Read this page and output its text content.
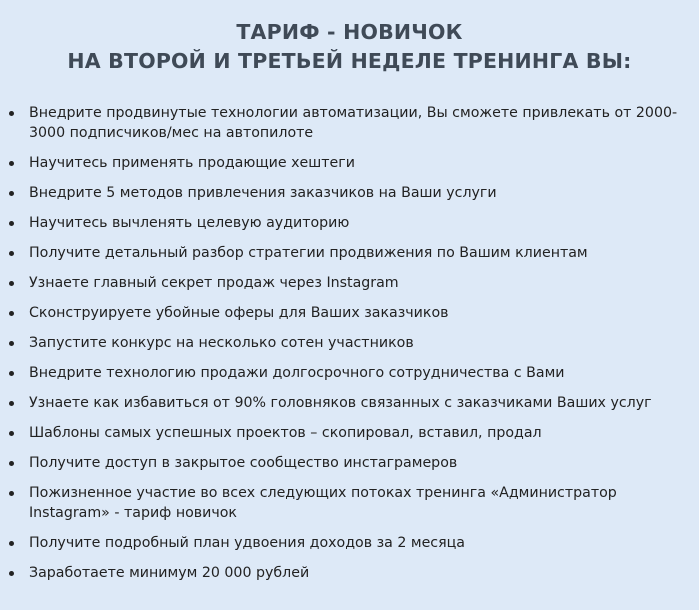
ТАРИФ - НОВИЧОК
НА ВТОРОЙ И ТРЕТЬЕЙ НЕДЕЛЕ ТРЕНИНГА ВЫ:
Внедрите продвинутые технологии автоматизации, Вы сможете привлекать от 2000-3000 подписчиков/мес на автопилоте
Научитесь применять продающие хештеги
Внедрите 5 методов привлечения заказчиков на Ваши услуги
Научитесь вычленять целевую аудиторию
Получите детальный разбор стратегии продвижения по Вашим клиентам
Узнаете главный секрет продаж через Instagram
Сконструируете убойные оферы для Ваших заказчиков
Запустите конкурс на несколько сотен участников
Внедрите технологию продажи долгосрочного сотрудничества с Вами
Узнаете как избавиться от 90% головняков связанных с заказчиками Ваших услуг
Шаблоны самых успешных проектов – скопировал, вставил, продал
Получите доступ в закрытое сообщество инстаграмеров
Пожизненное участие во всех следующих потоках тренинга «Администратор Instagram» - тариф новичок
Получите подробный план удвоения доходов за 2 месяца
Заработаете минимум 20 000 рублей
